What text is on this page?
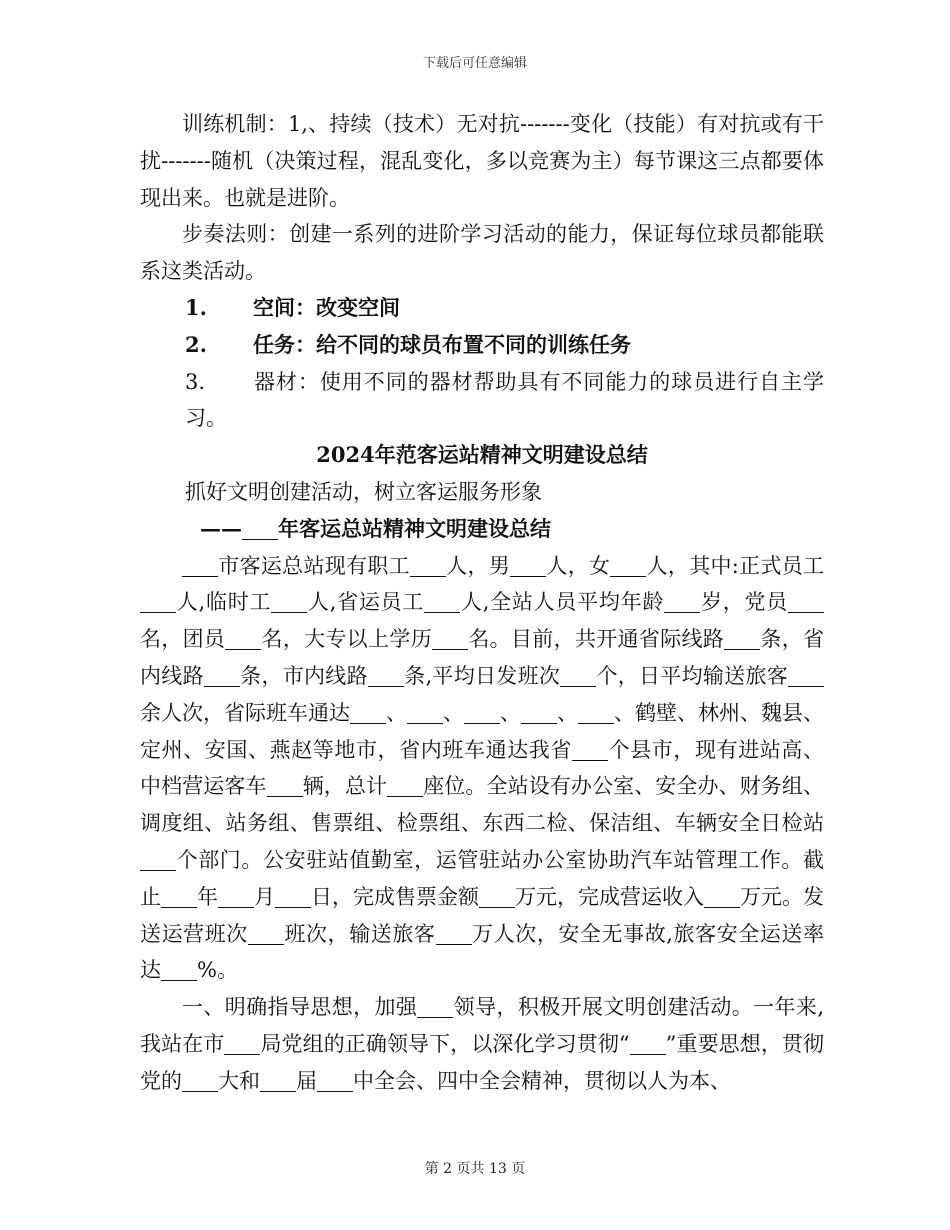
下载后可任意编辑

训练机制：1,、持续（技术）无对抗-------变化（技能）有对抗或有干扰-------随机（决策过程，混乱变化，多以竞赛为主）每节课这三点都要体现出来。也就是进阶。

步奏法则：创建一系列的进阶学习活动的能力，保证每位球员都能联系这类活动。

1.	空间：改变空间

2.	任务：给不同的球员布置不同的训练任务

3. 器材：使用不同的器材帮助具有不同能力的球员进行自主学习。

2024年范客运站精神文明建设总结

抓好文明创建活动，树立客运服务形象

—— 年客运总站精神文明建设总结

市客运总站现有职工 人，男 人，女 人，其中:正式员工人,临时工 人,省运员工 人,全站人员平均年龄 岁，党员名，团员 名，大专以上学历 名。目前，共开通省际线路 条，省内线路 条，市内线路 条,平均日发班次 个，日平均输送旅客余人次，省际班车通达 、 、 、 、 、鹤壁、林州、魏县、定州、安国、燕赵等地市，省内班车通达我省 个县市，现有进站高、中档营运客车 辆，总计 座位。全站设有办公室、安全办、财务组、调度组、站务组、售票组、检票组、东西二检、保洁组、车辆安全日检站个部门。公安驻站值勤室，运管驻站办公室协助汽车站管理工作。截止 年 月 日，完成售票金额 万元，完成营运收入 万元。发送运营班次 班次，输送旅客 万人次，安全无事故,旅客安全运送率达 %。

一、明确指导思想，加强 领导，积极开展文明创建活动。一年来,我站在市 局党组的正确领导下，以深化学习贯彻“ ”重要思想，贯彻党的 大和 届 中全会、四中全会精神，贯彻以人为本、

第 2 页共 13 页
